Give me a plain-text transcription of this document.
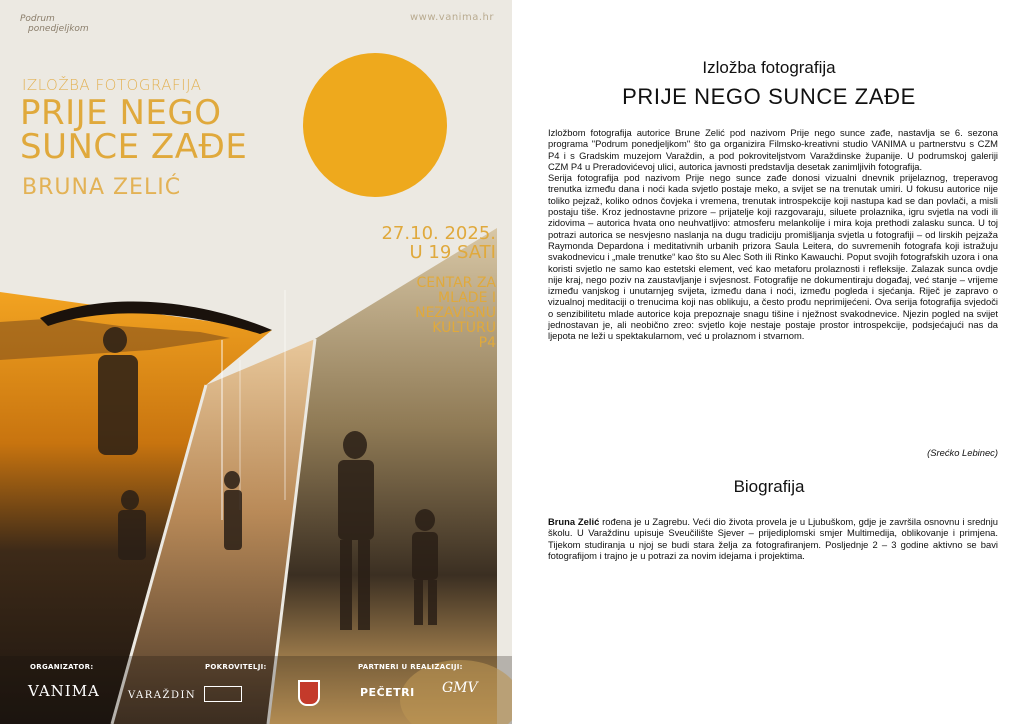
Podrum
ponedjeljkom
www.vanima.hr
IZLOŽBA FOTOGRAFIJA
PRIJE NEGO
SUNCE ZAĐE
BRUNA ZELIĆ
27.10. 2025.
U 19 SATI
CENTAR ZA
MLADE I
NEZAVISNU
KULTURU
P4
ORGANIZATOR:	POKROVITELJI:	PARTNERI U REALIZACIJI:
VANIMA	VARAŽDIN	PEČETRI GMV
Izložba fotografija
PRIJE NEGO SUNCE ZAĐE

Izložbom fotografija autorice Brune Zelić pod nazivom Prije nego sunce zađe, nastavlja se 6. sezona programa "Podrum ponedjeljkom" što ga organizira Filmsko-kreativni studio VANIMA u partnerstvu s CZM P4 i s Gradskim muzejom Varaždin, a pod pokroviteljstvom Varaždinske županije. U podrumskoj galeriji CZM P4 u Preradovićevoj ulici, autorica javnosti predstavlja desetak zanimljivih fotografija.

Serija fotografija pod nazivom Prije nego sunce zađe donosi vizualni dnevnik prijelaznog, treperavog trenutka između dana i noći kada svjetlo postaje meko, a svijet se na trenutak umiri. U fokusu autorice nije toliko pejzaž, koliko odnos čovjeka i vremena, trenutak introspekcije koji nastupa kad se dan povlači, a misli postaju tiše. Kroz jednostavne prizore – prijatelje koji razgovaraju, siluete prolaznika, igru svjetla na vodi ili zidovima – autorica hvata ono neuhvatljivo: atmosferu melankolije i mira koja prethodi zalasku sunca. U toj potrazi autorica se nesvjesno naslanja na dugu tradiciju promišljanja svjetla u fotografiji – od lirskih pejzaža Raymonda Depardona i meditativnih urbanih prizora Saula Leitera, do suvremenih fotografa koji istražuju svakodnevicu i „male trenutke“ kao što su Alec Soth ili Rinko Kawauchi. Poput svojih fotografskih uzora i ona koristi svjetlo ne samo kao estetski element, već kao metaforu prolaznosti i refleksije. Zalazak sunca ovdje nije kraj, nego poziv na zaustavljanje i svjesnost. Fotografije ne dokumentiraju događaj, već stanje – vrijeme između vanjskog i unutarnjeg svijeta, između dana i noći, između pogleda i sjećanja. Riječ je zapravo o vizualnoj meditaciji o trenucima koji nas oblikuju, a često prođu neprimijećeni. Ova serija fotografija svjedoči o senzibilitetu mlade autorice koja prepoznaje snagu tišine i nježnost svakodnevice. Njezin pogled na svijet jednostavan je, ali neobično zreo: svjetlo koje nestaje postaje prostor introspekcije, podsjećajući nas da ljepota ne leži u spektakularnom, već u prolaznom i stvarnom.

(Srećko Lebinec)
Biografija

Bruna Zelić rođena je u Zagrebu. Veći dio života provela je u Ljubuškom, gdje je završila osnovnu i srednju školu. U Varaždinu upisuje Sveučilište Sjever – prijediplomski smjer Multimedija, oblikovanje i primjena. Tijekom studiranja u njoj se budi stara želja za fotografiranjem. Posljednje 2 – 3 godine aktivno se bavi fotografijom i trajno je u potrazi za novim idejama i projektima.
